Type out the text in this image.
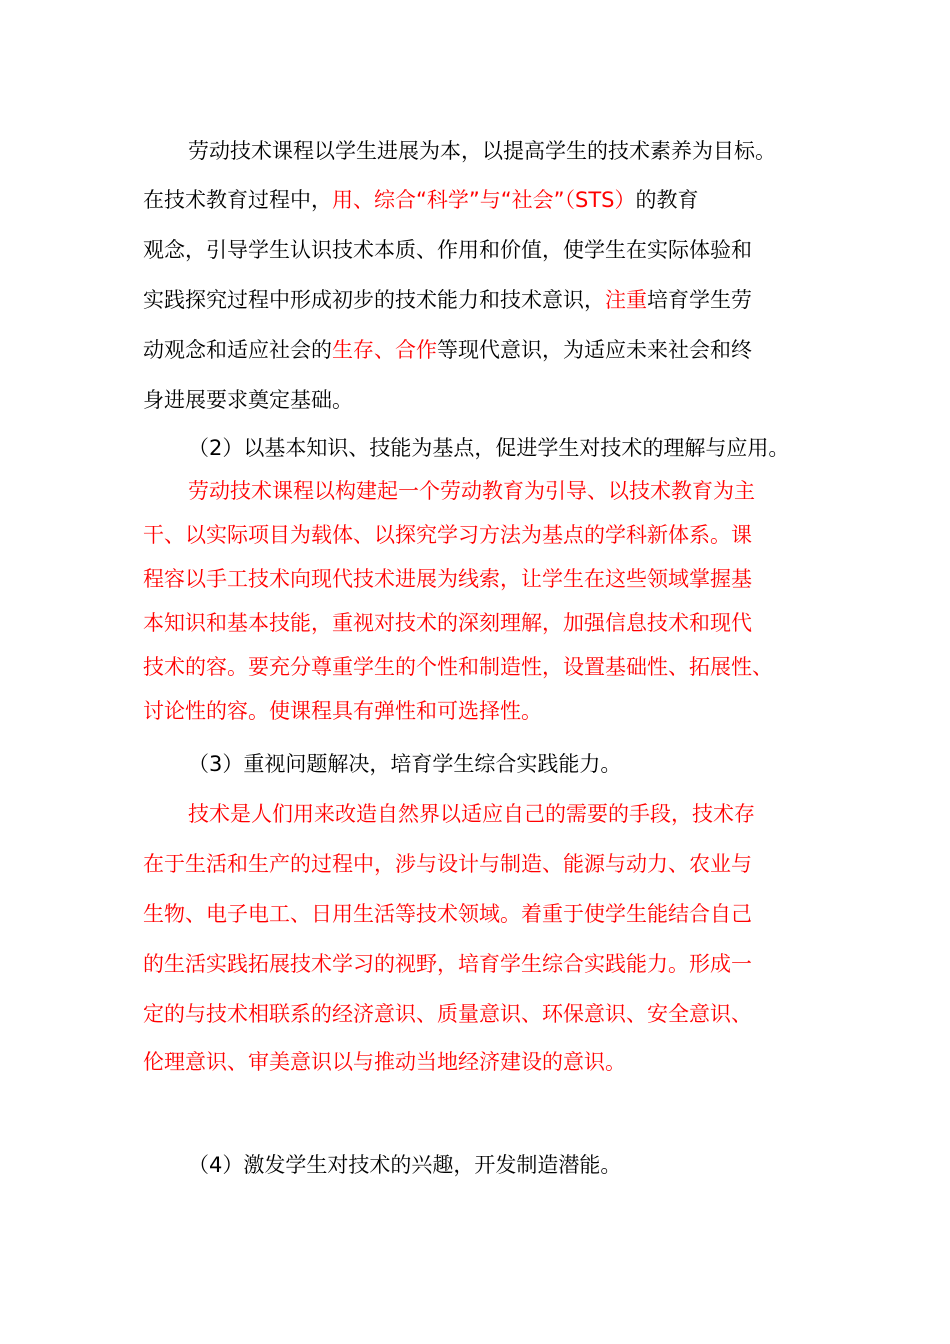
劳动技术课程以学生进展为本，以提高学生的技术素养为目标。
在技术教育过程中，用、综合“科学”与“社会”（STS）的教育
观念，引导学生认识技术本质、作用和价值，使学生在实际体验和
实践探究过程中形成初步的技术能力和技术意识，注重培育学生劳
动观念和适应社会的生存、合作等现代意识，为适应未来社会和终
身进展要求奠定基础。
（2）以基本知识、技能为基点，促进学生对技术的理解与应用。
劳动技术课程以构建起一个劳动教育为引导、以技术教育为主
干、以实际项目为载体、以探究学习方法为基点的学科新体系。课
程容以手工技术向现代技术进展为线索，让学生在这些领域掌握基
本知识和基本技能，重视对技术的深刻理解，加强信息技术和现代
技术的容。要充分尊重学生的个性和制造性，设置基础性、拓展性、
讨论性的容。使课程具有弹性和可选择性。
（3）重视问题解决，培育学生综合实践能力。
技术是人们用来改造自然界以适应自己的需要的手段，技术存
在于生活和生产的过程中，涉与设计与制造、能源与动力、农业与
生物、电子电工、日用生活等技术领域。着重于使学生能结合自己
的生活实践拓展技术学习的视野，培育学生综合实践能力。形成一
定的与技术相联系的经济意识、质量意识、环保意识、安全意识、
伦理意识、审美意识以与推动当地经济建设的意识。
（4）激发学生对技术的兴趣，开发制造潜能。
